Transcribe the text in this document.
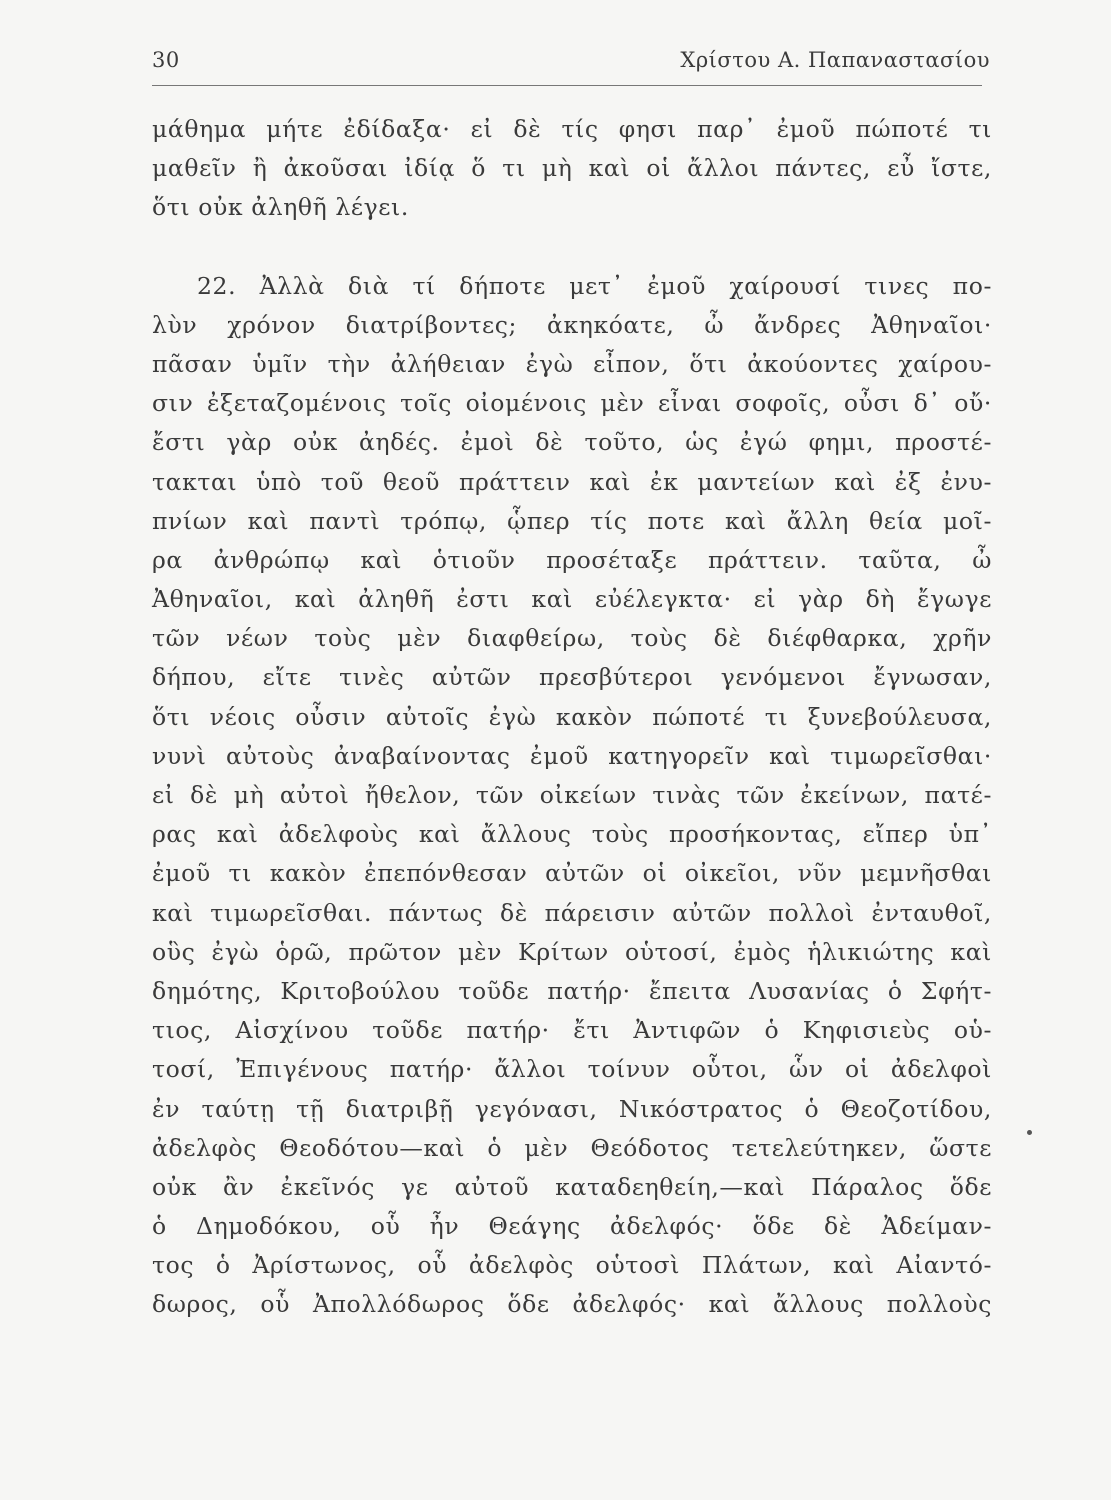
30	Χρίστου Α. Παπαναστασίου
μάθημα μήτε ἐδίδαξα· εἰ δὲ τίς φησι παρ᾽ ἐμοῦ πώποτέ τι
μαθεῖν ἢ ἀκοῦσαι ἰδίᾳ ὅ τι μὴ καὶ οἱ ἄλλοι πάντες, εὖ ἴστε,
ὅτι οὐκ ἀληθῆ λέγει.
22. Ἀλλὰ διὰ τί δήποτε μετ᾽ ἐμοῦ χαίρουσί τινες πο-
λὺν χρόνον διατρίβοντες; ἀκηκόατε, ὦ ἄνδρες Ἀθηναῖοι·
πᾶσαν ὑμῖν τὴν ἀλήθειαν ἐγὼ εἶπον, ὅτι ἀκούοντες χαίρου-
σιν ἐξεταζομένοις τοῖς οἰομένοις μὲν εἶναι σοφοῖς, οὖσι δ᾽ οὔ·
ἔστι γὰρ οὐκ ἀηδές. ἐμοὶ δὲ τοῦτο, ὡς ἐγώ φημι, προστέ-
τακται ὑπὸ τοῦ θεοῦ πράττειν καὶ ἐκ μαντείων καὶ ἐξ ἐνυ-
πνίων καὶ παντὶ τρόπῳ, ᾧπερ τίς ποτε καὶ ἄλλη θεία μοῖ-
ρα ἀνθρώπῳ καὶ ὁτιοῦν προσέταξε πράττειν. ταῦτα, ὦ
Ἀθηναῖοι, καὶ ἀληθῆ ἐστι καὶ εὐέλεγκτα· εἰ γὰρ δὴ ἔγωγε
τῶν νέων τοὺς μὲν διαφθείρω, τοὺς δὲ διέφθαρκα, χρῆν
δήπου, εἴτε τινὲς αὐτῶν πρεσβύτεροι γενόμενοι ἔγνωσαν,
ὅτι νέοις οὖσιν αὐτοῖς ἐγὼ κακὸν πώποτέ τι ξυνεβούλευσα,
νυνὶ αὐτοὺς ἀναβαίνοντας ἐμοῦ κατηγορεῖν καὶ τιμωρεῖσθαι·
εἰ δὲ μὴ αὐτοὶ ἤθελον, τῶν οἰκείων τινὰς τῶν ἐκείνων, πατέ-
ρας καὶ ἀδελφοὺς καὶ ἄλλους τοὺς προσήκοντας, εἴπερ ὑπ᾽
ἐμοῦ τι κακὸν ἐπεπόνθεσαν αὐτῶν οἱ οἰκεῖοι, νῦν μεμνῆσθαι
καὶ τιμωρεῖσθαι. πάντως δὲ πάρεισιν αὐτῶν πολλοὶ ἐνταυθοῖ,
οὓς ἐγὼ ὁρῶ, πρῶτον μὲν Κρίτων οὑτοσί, ἐμὸς ἡλικιώτης καὶ
δημότης, Κριτοβούλου τοῦδε πατήρ· ἔπειτα Λυσανίας ὁ Σφήτ-
τιος, Αἰσχίνου τοῦδε πατήρ· ἔτι Ἀντιφῶν ὁ Κηφισιεὺς οὑ-
τοσί, Ἐπιγένους πατήρ· ἄλλοι τοίνυν οὗτοι, ὧν οἱ ἀδελφοὶ
ἐν ταύτῃ τῇ διατριβῇ γεγόνασι, Νικόστρατος ὁ Θεοζοτίδου,
ἀδελφὸς Θεοδότου—καὶ ὁ μὲν Θεόδοτος τετελεύτηκεν, ὥστε
οὐκ ἂν ἐκεῖνός γε αὐτοῦ καταδεηθείη,—καὶ Πάραλος ὅδε
ὁ Δημοδόκου, οὗ ἦν Θεάγης ἀδελφός· ὅδε δὲ Ἀδείμαν-
τος ὁ Ἀρίστωνος, οὗ ἀδελφὸς οὑτοσὶ Πλάτων, καὶ Αἰαντό-
δωρος, οὗ Ἀπολλόδωρος ὅδε ἀδελφός· καὶ ἄλλους πολλοὺς
